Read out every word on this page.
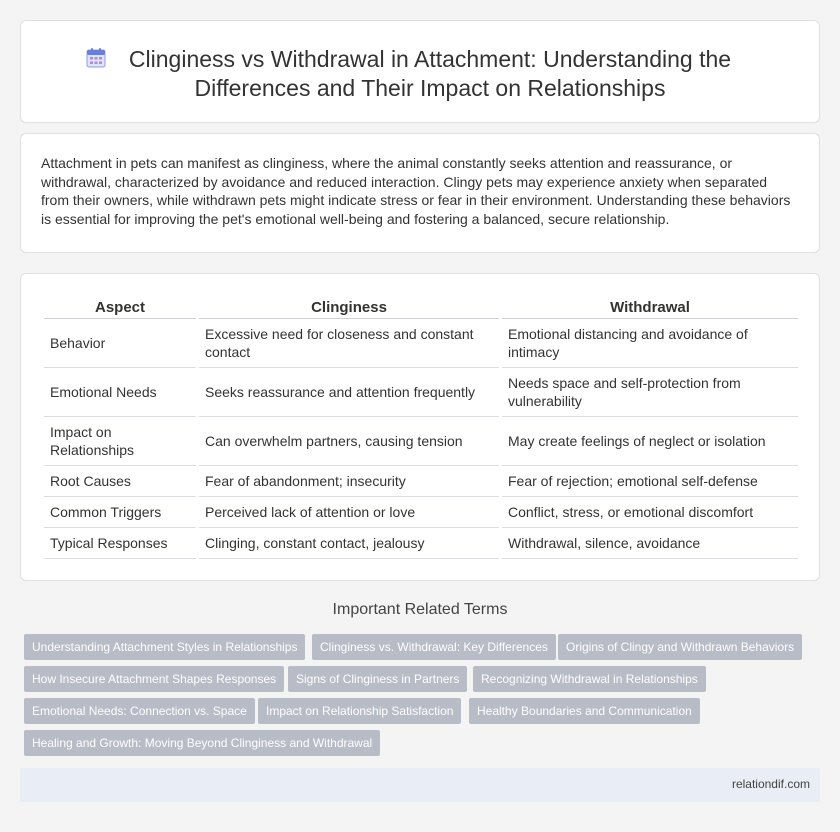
Clinginess vs Withdrawal in Attachment: Understanding the
Differences and Their Impact on Relationships

Attachment in pets can manifest as clinginess, where the animal constantly seeks attention and reassurance, or withdrawal, characterized by avoidance and reduced interaction. Clingy pets may experience anxiety when separated from their owners, while withdrawn pets might indicate stress or fear in their environment. Understanding these behaviors is essential for improving the pet's emotional well-being and fostering a balanced, secure relationship.

Aspect	Clinginess	Withdrawal
Behavior	Excessive need for closeness and constant contact	Emotional distancing and avoidance of intimacy
Emotional Needs	Seeks reassurance and attention frequently	Needs space and self-protection from vulnerability
Impact on Relationships	Can overwhelm partners, causing tension	May create feelings of neglect or isolation
Root Causes	Fear of abandonment; insecurity	Fear of rejection; emotional self-defense
Common Triggers	Perceived lack of attention or love	Conflict, stress, or emotional discomfort
Typical Responses	Clinging, constant contact, jealousy	Withdrawal, silence, avoidance
Important Related Terms
Understanding Attachment Styles in Relationships	Clinginess vs. Withdrawal: Key Differences	Origins of Clingy and Withdrawn Behaviors
How Insecure Attachment Shapes Responses	Signs of Clinginess in Partners	Recognizing Withdrawal in Relationships
Emotional Needs: Connection vs. Space	Impact on Relationship Satisfaction	Healthy Boundaries and Communication
Healing and Growth: Moving Beyond Clinginess and Withdrawal
relationdif.com
